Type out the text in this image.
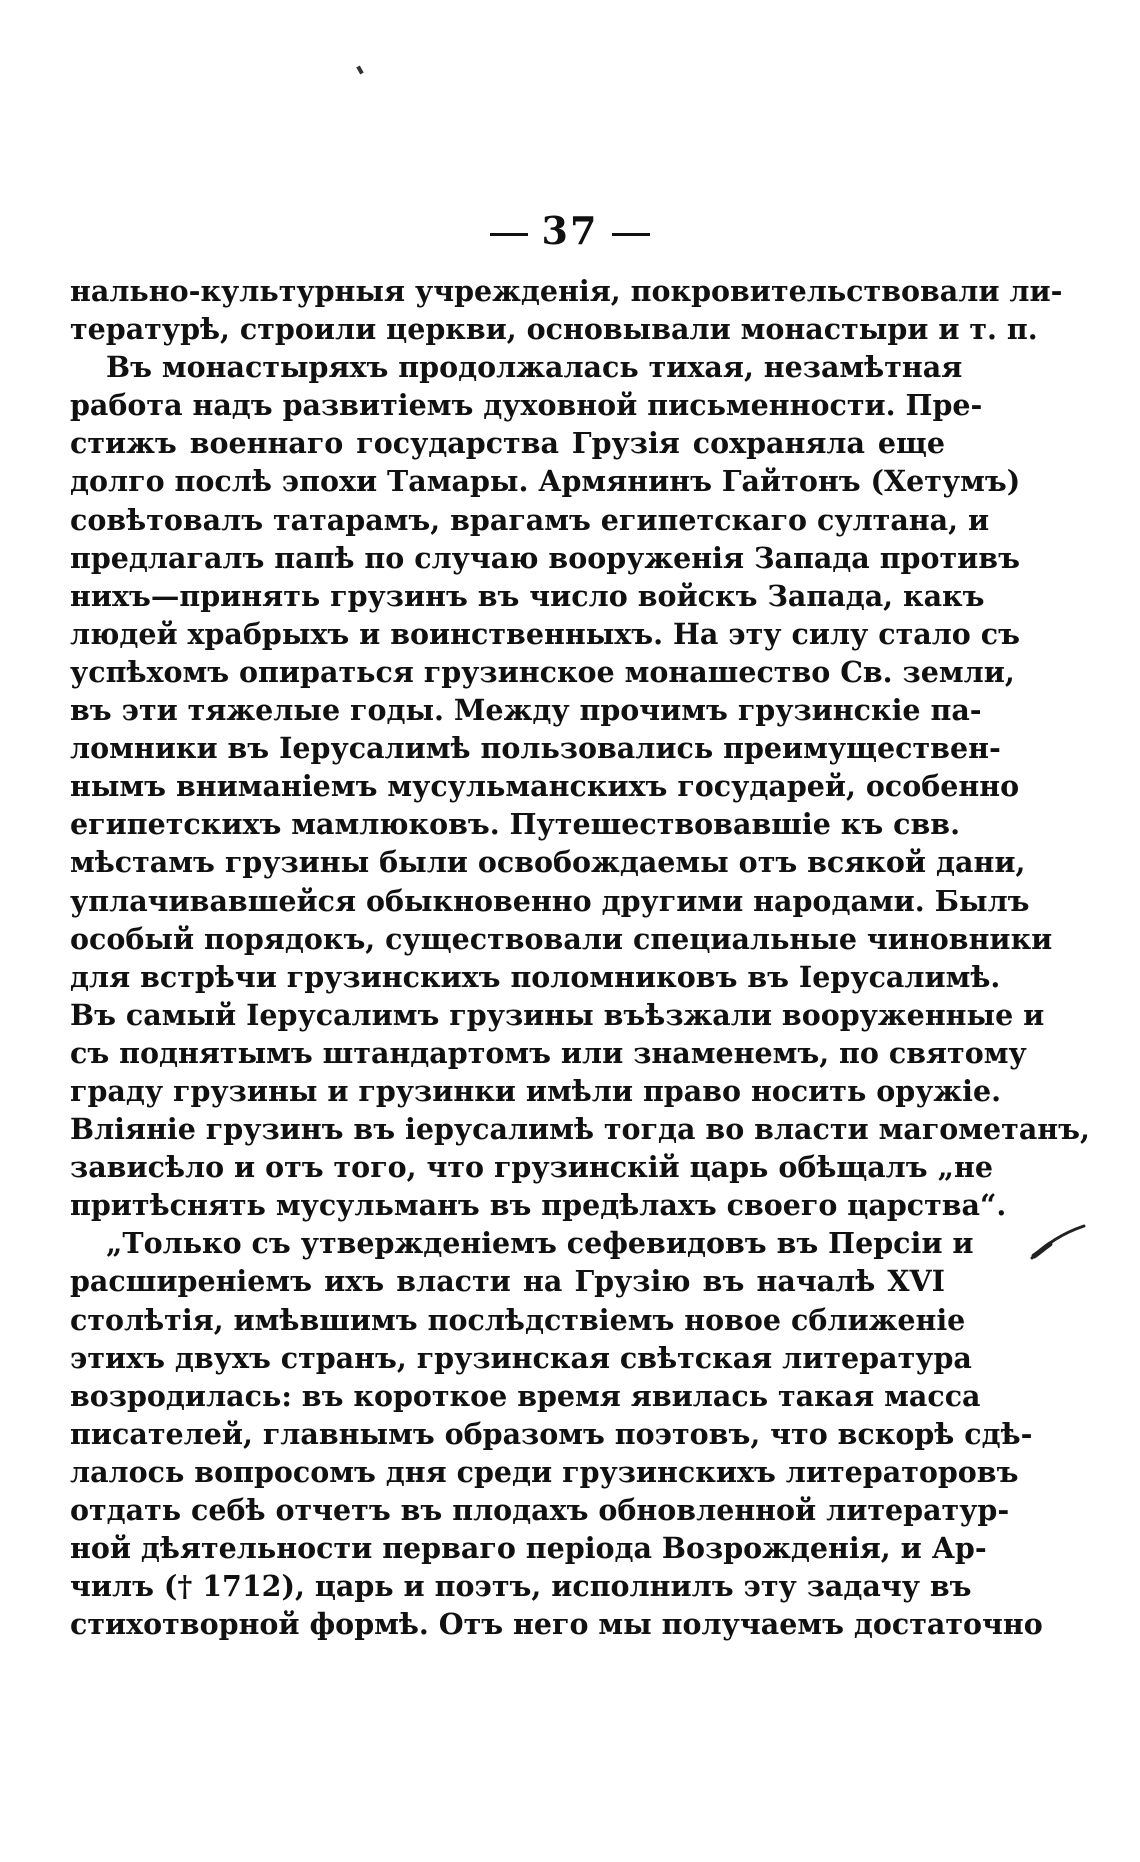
37
нально-культурныя учрежденія, покровительствовали ли-
тературѣ, строили церкви, основывали монастыри и т. п.
Въ монастыряхъ продолжалась тихая, незамѣтная
работа надъ развитіемъ духовной письменности. Пре-
стижъ военнаго государства Грузія сохраняла еще
долго послѣ эпохи Тамары. Армянинъ Гайтонъ (Хетумъ)
совѣтовалъ татарамъ, врагамъ египетскаго султана, и
предлагалъ папѣ по случаю вооруженія Запада противъ
нихъ—принять грузинъ въ число войскъ Запада, какъ
людей храбрыхъ и воинственныхъ. На эту силу стало съ
успѣхомъ опираться грузинское монашество Св. земли,
въ эти тяжелые годы. Между прочимъ грузинскіе па-
ломники въ Іерусалимѣ пользовались преимуществен-
нымъ вниманіемъ мусульманскихъ государей, особенно
египетскихъ мамлюковъ. Путешествовавшіе къ свв.
мѣстамъ грузины были освобождаемы отъ всякой дани,
уплачивавшейся обыкновенно другими народами. Былъ
особый порядокъ, существовали специальные чиновники
для встрѣчи грузинскихъ поломниковъ въ Іерусалимѣ.
Въ самый Іерусалимъ грузины въѣзжали вооруженные и
съ поднятымъ штандартомъ или знаменемъ, по святому
граду грузины и грузинки имѣли право носить оружіе.
Вліяніе грузинъ въ іерусалимѣ тогда во власти магометанъ,
зависѣло и отъ того, что грузинскій царь обѣщалъ „не
притѣснять мусульманъ въ предѣлахъ своего царства“.
„Только съ утвержденіемъ сефевидовъ въ Персіи и
расширеніемъ ихъ власти на Грузію въ началѣ XVI
столѣтія, имѣвшимъ послѣдствіемъ новое сближеніе
этихъ двухъ странъ, грузинская свѣтская литература
возродилась: въ короткое время явилась такая масса
писателей, главнымъ образомъ поэтовъ, что вскорѣ сдѣ-
лалось вопросомъ дня среди грузинскихъ литераторовъ
отдать себѣ отчетъ въ плодахъ обновленной литератур-
ной дѣятельности перваго періода Возрожденія, и Ар-
чилъ († 1712), царь и поэтъ, исполнилъ эту задачу въ
стихотворной формѣ. Отъ него мы получаемъ достаточно
